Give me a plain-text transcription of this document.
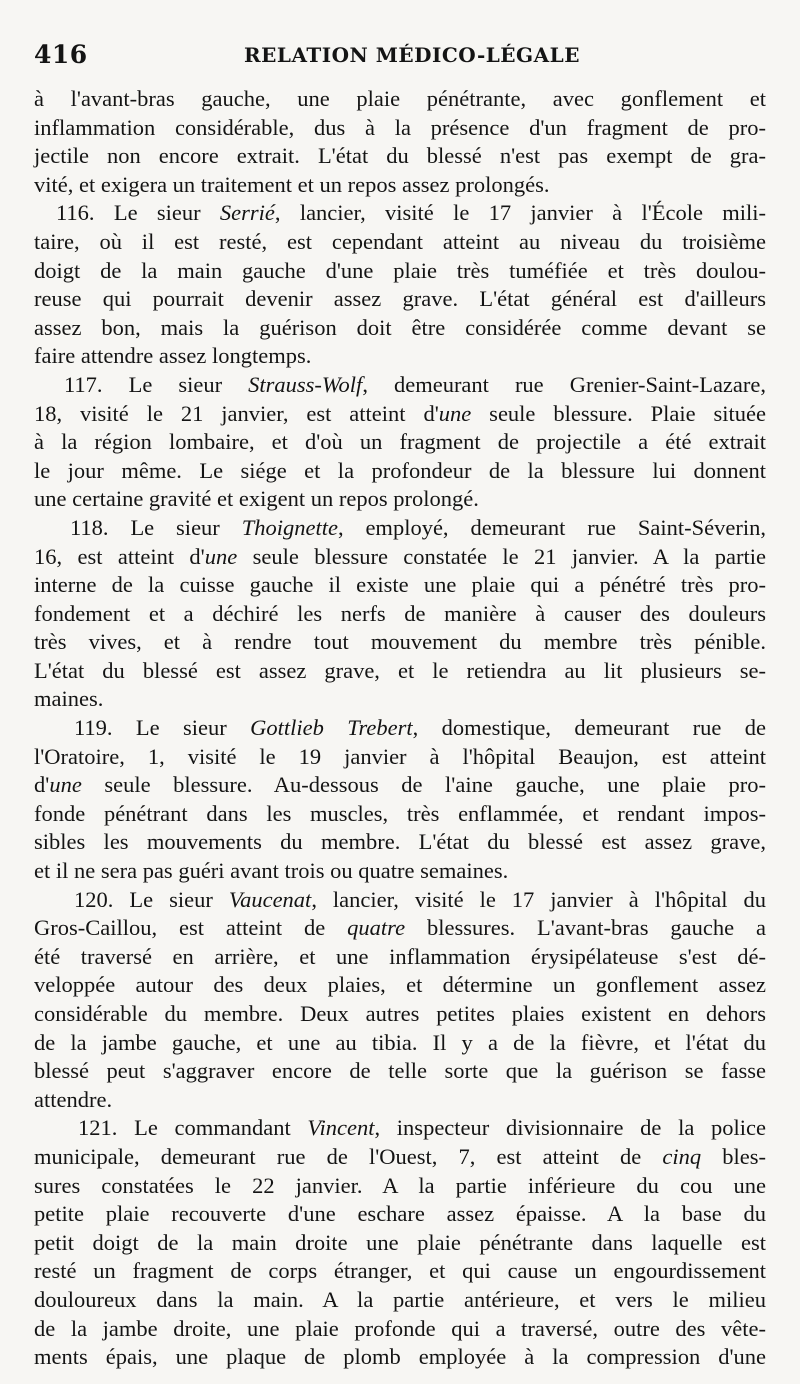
416	RELATION MÉDICO-LÉGALE
à l'avant-bras gauche, une plaie pénétrante, avec gonflement et
inflammation considérable, dus à la présence d'un fragment de pro-
jectile non encore extrait. L'état du blessé n'est pas exempt de gra-
vité, et exigera un traitement et un repos assez prolongés.
116. Le sieur Serrié, lancier, visité le 17 janvier à l'École mili-
taire, où il est resté, est cependant atteint au niveau du troisième
doigt de la main gauche d'une plaie très tuméfiée et très doulou-
reuse qui pourrait devenir assez grave. L'état général est d'ailleurs
assez bon, mais la guérison doit être considérée comme devant se
faire attendre assez longtemps.
117. Le sieur Strauss-Wolf, demeurant rue Grenier-Saint-Lazare,
18, visité le 21 janvier, est atteint d'une seule blessure. Plaie située
à la région lombaire, et d'où un fragment de projectile a été extrait
le jour même. Le siége et la profondeur de la blessure lui donnent
une certaine gravité et exigent un repos prolongé.
118. Le sieur Thoignette, employé, demeurant rue Saint-Séverin,
16, est atteint d'une seule blessure constatée le 21 janvier. A la partie
interne de la cuisse gauche il existe une plaie qui a pénétré très pro-
fondement et a déchiré les nerfs de manière à causer des douleurs
très vives, et à rendre tout mouvement du membre très pénible.
L'état du blessé est assez grave, et le retiendra au lit plusieurs se-
maines.
119. Le sieur Gottlieb Trebert, domestique, demeurant rue de
l'Oratoire, 1, visité le 19 janvier à l'hôpital Beaujon, est atteint
d'une seule blessure. Au-dessous de l'aine gauche, une plaie pro-
fonde pénétrant dans les muscles, très enflammée, et rendant impos-
sibles les mouvements du membre. L'état du blessé est assez grave,
et il ne sera pas guéri avant trois ou quatre semaines.
120. Le sieur Vaucenat, lancier, visité le 17 janvier à l'hôpital du
Gros-Caillou, est atteint de quatre blessures. L'avant-bras gauche a
été traversé en arrière, et une inflammation érysipélateuse s'est dé-
veloppée autour des deux plaies, et détermine un gonflement assez
considérable du membre. Deux autres petites plaies existent en dehors
de la jambe gauche, et une au tibia. Il y a de la fièvre, et l'état du
blessé peut s'aggraver encore de telle sorte que la guérison se fasse
attendre.
121. Le commandant Vincent, inspecteur divisionnaire de la police
municipale, demeurant rue de l'Ouest, 7, est atteint de cinq bles-
sures constatées le 22 janvier. A la partie inférieure du cou une
petite plaie recouverte d'une eschare assez épaisse. A la base du
petit doigt de la main droite une plaie pénétrante dans laquelle est
resté un fragment de corps étranger, et qui cause un engourdissement
douloureux dans la main. A la partie antérieure, et vers le milieu
de la jambe droite, une plaie profonde qui a traversé, outre des vête-
ments épais, une plaque de plomb employée à la compression d'une
